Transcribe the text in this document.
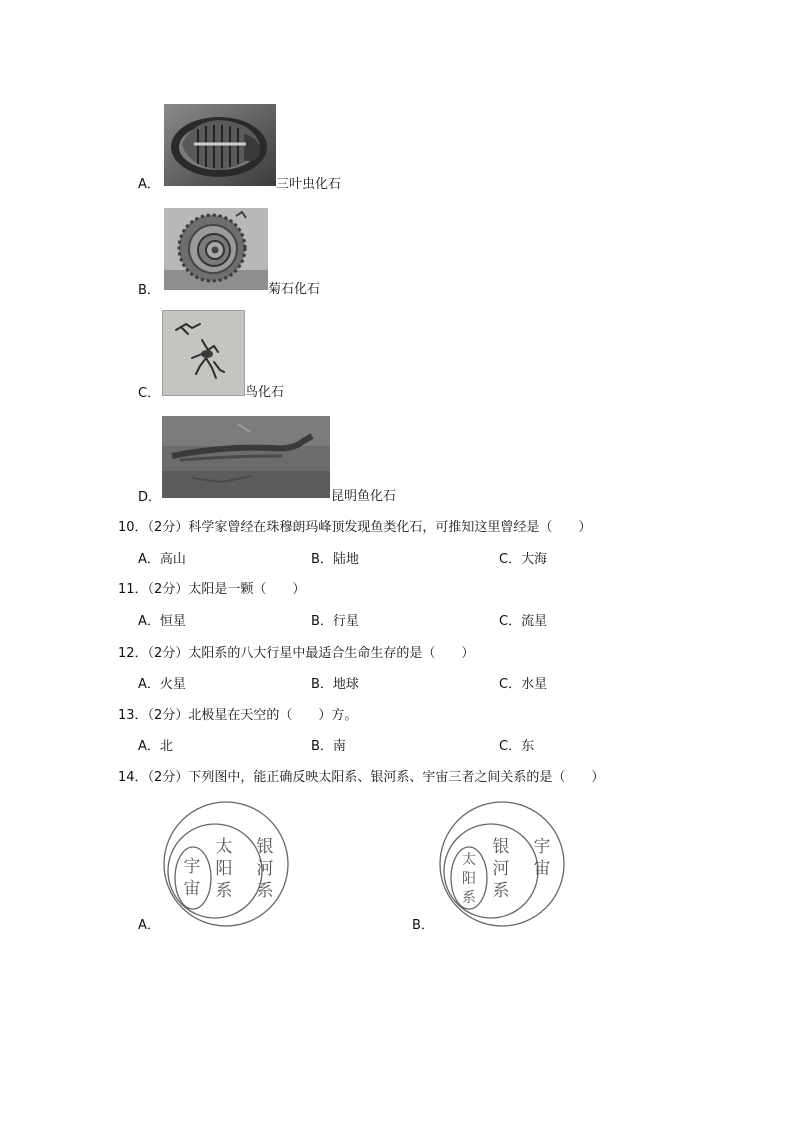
A．	三叶虫化石
B．	菊石化石
C．	鸟化石
D．	昆明鱼化石
10．（2分）科学家曾经在珠穆朗玛峰顶发现鱼类化石，可推知这里曾经是（　　）
A．高山	B．陆地	C．大海
11．（2分）太阳是一颗（　　）
A．恒星	B．行星	C．流星
12．（2分）太阳系的八大行星中最适合生命生存的是（　　）
A．火星	B．地球	C．水星
13．（2分）北极星在天空的（　　）方。
A．北	B．南	C．东
14．（2分）下列图中，能正确反映太阳系、银河系、宇宙三者之间关系的是（　　）
银河系
太阳系
宇宙
A．
宇宙
银河系
太阳系
B．
